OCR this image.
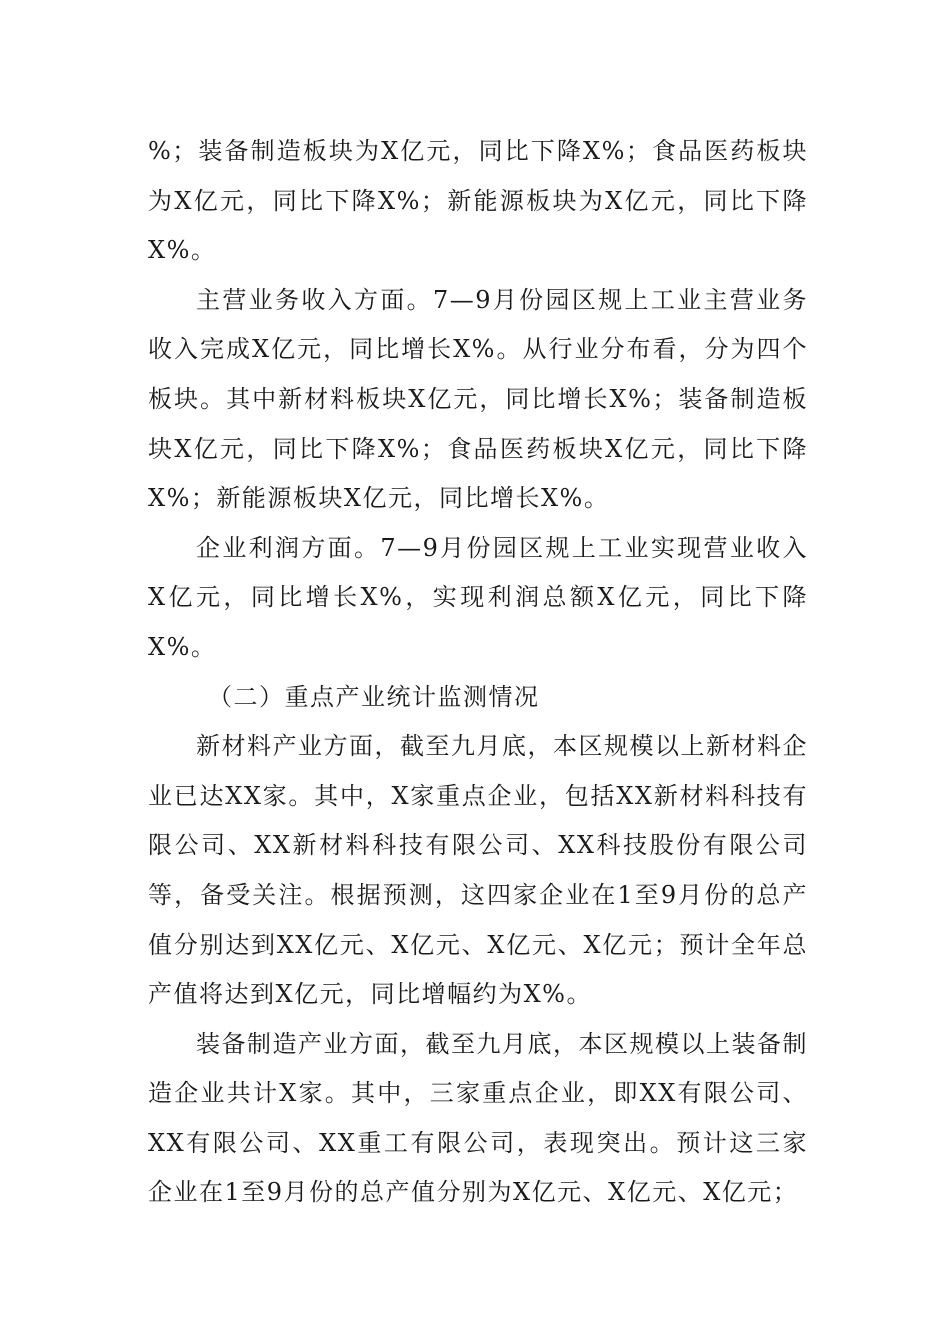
%；装备制造板块为X亿元，同比下降X%；食品医药板块为X亿元，同比下降X%；新能源板块为X亿元，同比下降X%。

主营业务收入方面。7—9月份园区规上工业主营业务收入完成X亿元，同比增长X%。从行业分布看，分为四个板块。其中新材料板块X亿元，同比增长X%；装备制造板块X亿元，同比下降X%；食品医药板块X亿元，同比下降X%；新能源板块X亿元，同比增长X%。

企业利润方面。7—9月份园区规上工业实现营业收入X亿元，同比增长X%，实现利润总额X亿元，同比下降X%。

（二）重点产业统计监测情况

新材料产业方面，截至九月底，本区规模以上新材料企业已达XX家。其中，X家重点企业，包括XX新材料科技有限公司、XX新材料科技有限公司、XX科技股份有限公司等，备受关注。根据预测，这四家企业在1至9月份的总产值分别达到XX亿元、X亿元、X亿元、X亿元；预计全年总产值将达到X亿元，同比增幅约为X%。

装备制造产业方面，截至九月底，本区规模以上装备制造企业共计X家。其中，三家重点企业，即XX有限公司、XX有限公司、XX重工有限公司，表现突出。预计这三家企业在1至9月份的总产值分别为X亿元、X亿元、X亿元；
